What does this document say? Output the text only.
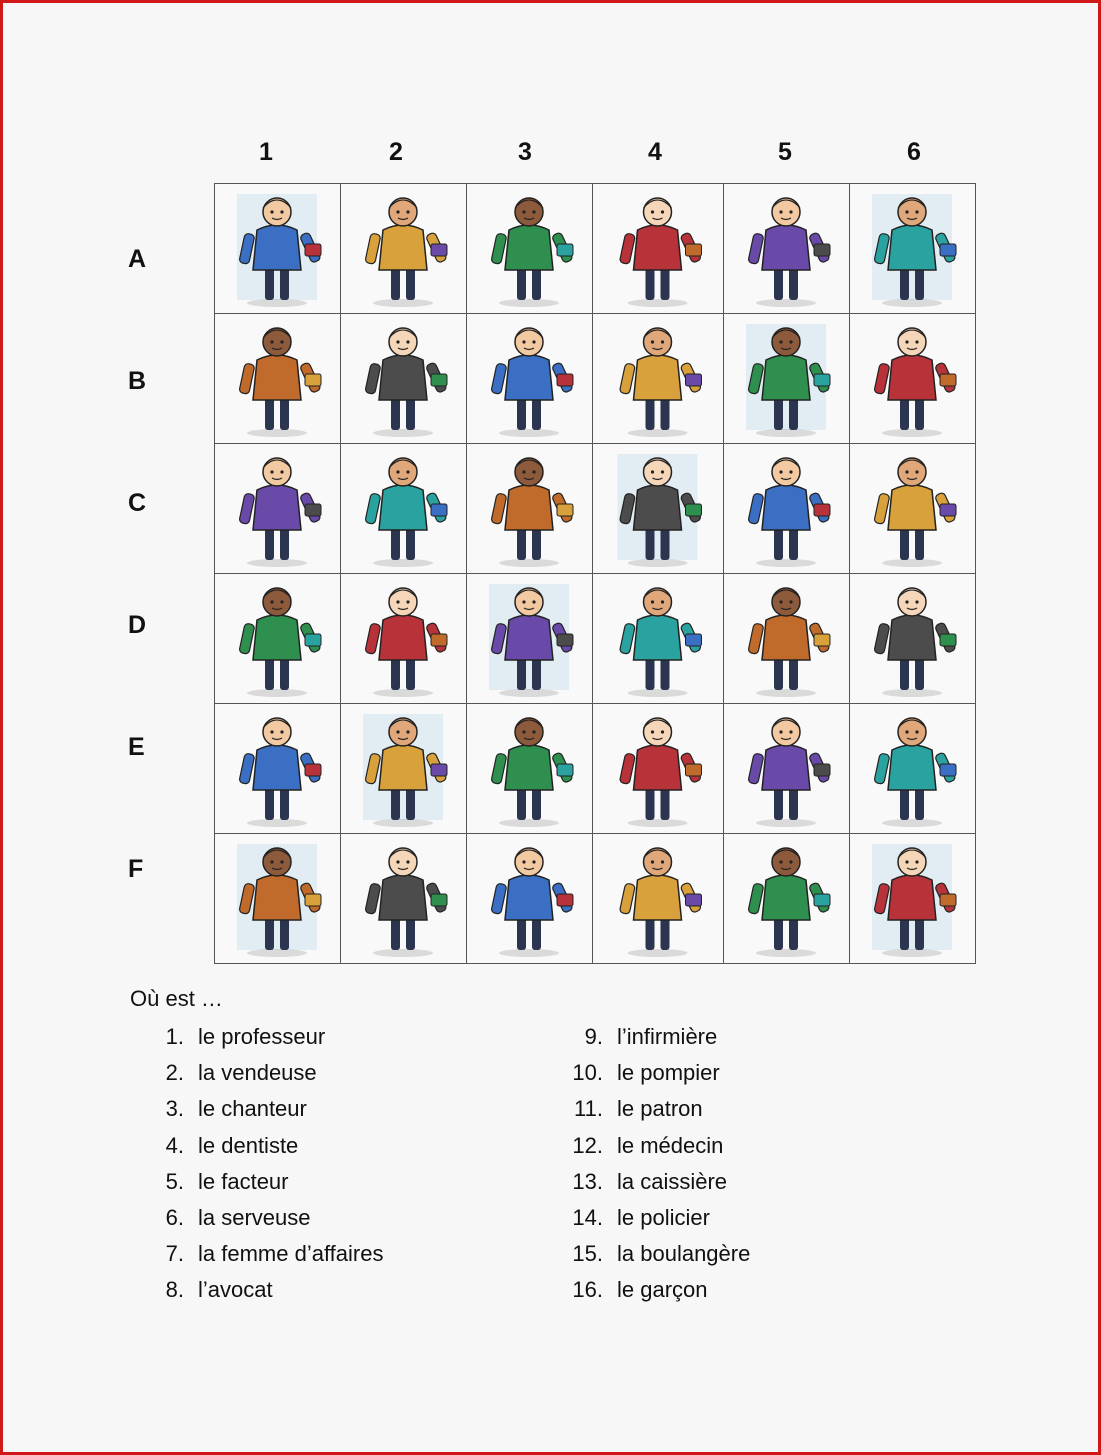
1	2	3	4	5	6
A
B
C
D
E
F

Où est …
1. le professeur
2. la vendeuse
3. le chanteur
4. le dentiste
5. le facteur
6. la serveuse
7. la femme d’affaires
8. l’avocat
9. l’infirmière
10. le pompier
11. le patron
12. le médecin
13. la caissière
14. le policier
15. la boulangère
16. le garçon
